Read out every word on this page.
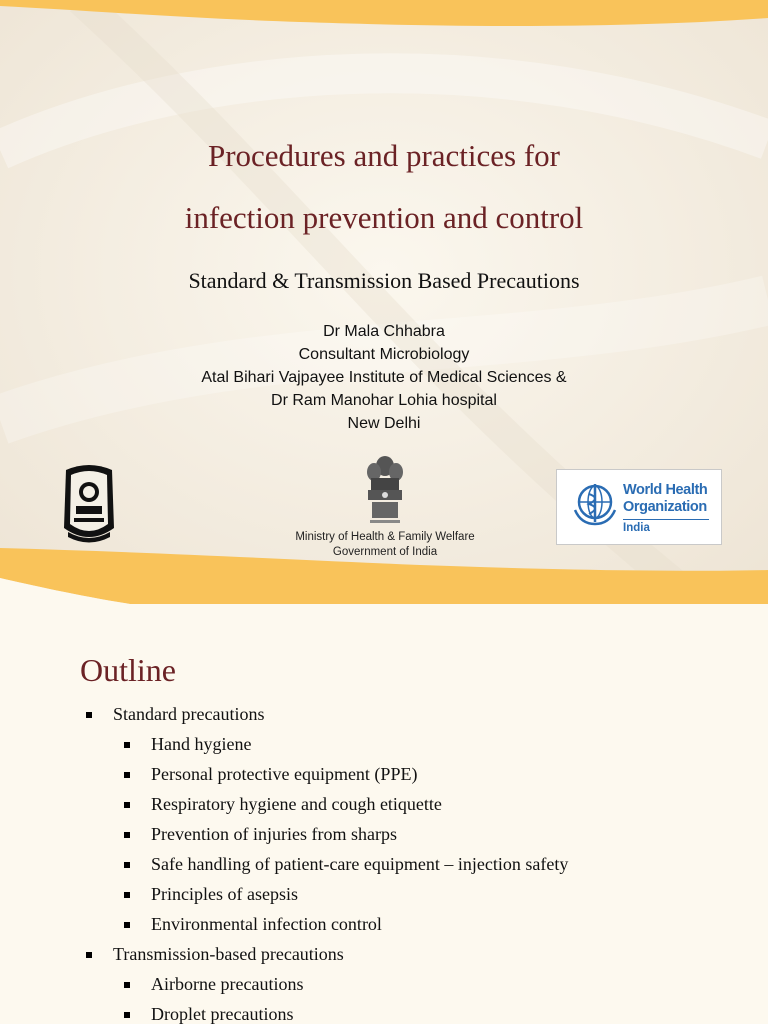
Procedures and practices for
infection prevention and control
Standard & Transmission Based Precautions
Dr Mala Chhabra
Consultant Microbiology
Atal Bihari Vajpayee Institute of Medical Sciences &
Dr Ram Manohar Lohia hospital
New Delhi
Ministry of Health & Family Welfare
Government of India
World Health
Organization
India
Outline
Standard precautions
Hand hygiene
Personal protective equipment (PPE)
Respiratory hygiene and cough etiquette
Prevention of injuries from sharps
Safe handling of patient-care equipment – injection safety
Principles of asepsis
Environmental infection control
Transmission-based precautions
Airborne precautions
Droplet precautions
